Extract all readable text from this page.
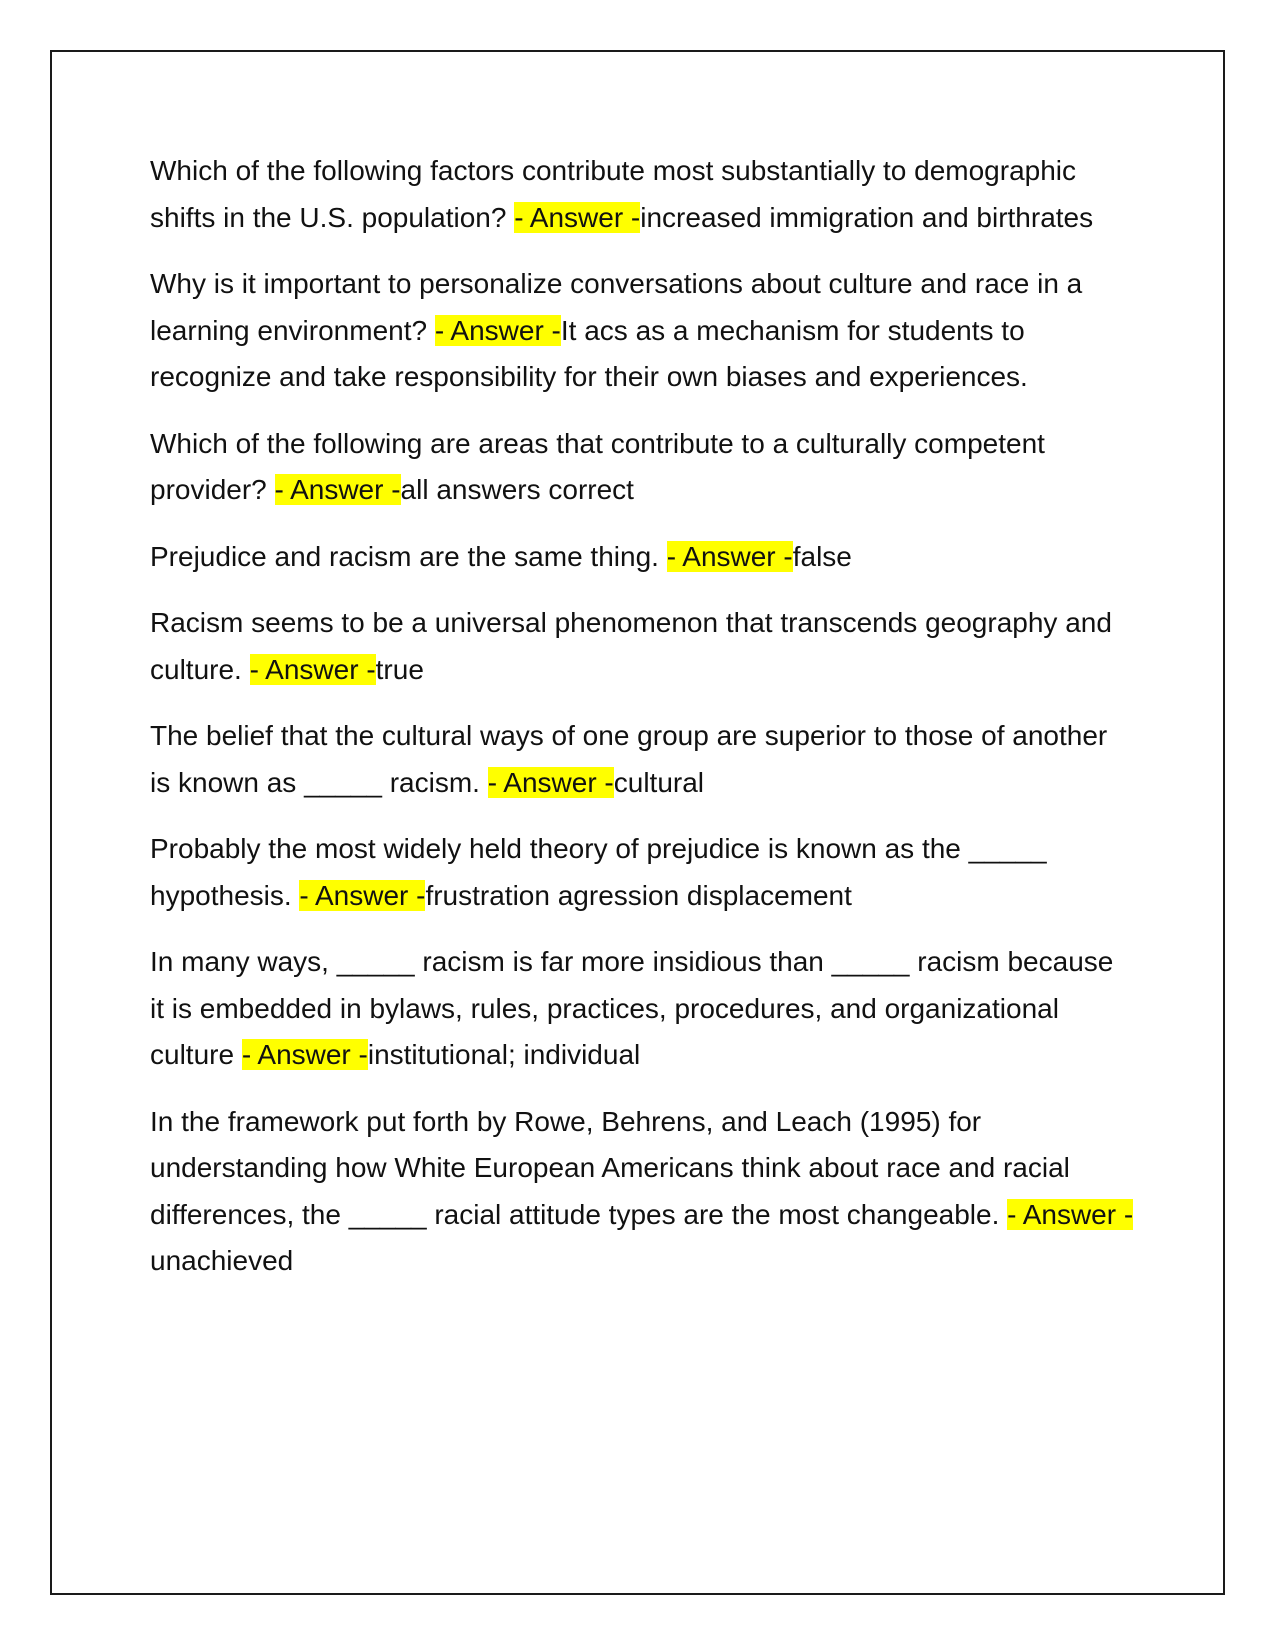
Which of the following factors contribute most substantially to demographic shifts in the U.S. population? - Answer -increased immigration and birthrates

Why is it important to personalize conversations about culture and race in a learning environment? - Answer -It acs as a mechanism for students to recognize and take responsibility for their own biases and experiences.

Which of the following are areas that contribute to a culturally competent provider? - Answer -all answers correct

Prejudice and racism are the same thing. - Answer -false

Racism seems to be a universal phenomenon that transcends geography and culture. - Answer -true

The belief that the cultural ways of one group are superior to those of another is known as _____ racism. - Answer -cultural

Probably the most widely held theory of prejudice is known as the _____ hypothesis. - Answer -frustration agression displacement

In many ways, _____ racism is far more insidious than _____ racism because it is embedded in bylaws, rules, practices, procedures, and organizational culture - Answer -institutional; individual

In the framework put forth by Rowe, Behrens, and Leach (1995) for understanding how White European Americans think about race and racial differences, the _____ racial attitude types are the most changeable. - Answer -unachieved
